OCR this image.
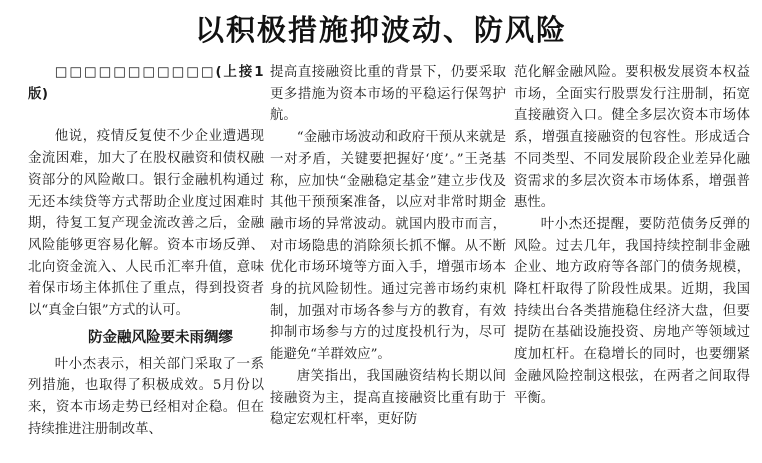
以积极措施抑波动、防风险

□□□□□□□□□□□(上接1版)

他说，疫情反复使不少企业遭遇现金流困难，加大了在股权融资和债权融资部分的风险敞口。银行金融机构通过无还本续贷等方式帮助企业度过困难时期，待复工复产现金流改善之后，金融风险能够更容易化解。资本市场反弹、北向资金流入、人民币汇率升值，意味着保市场主体抓住了重点，得到投资者以“真金白银”方式的认可。

防金融风险要未雨绸缪

叶小杰表示，相关部门采取了一系列措施，也取得了积极成效。5月份以来，资本市场走势已经相对企稳。但在持续推进注册制改革、

提高直接融资比重的背景下，仍要采取更多措施为资本市场的平稳运行保驾护航。

“金融市场波动和政府干预从来就是一对矛盾，关键要把握好‘度’。”王尧基称，应加快“金融稳定基金”建立步伐及其他干预预案准备，以应对非常时期金融市场的异常波动。就国内股市而言，对市场隐患的消除须长抓不懈。从不断优化市场环境等方面入手，增强市场本身的抗风险韧性。通过完善市场约束机制，加强对市场各参与方的教育，有效抑制市场参与方的过度投机行为，尽可能避免“羊群效应”。

唐笑指出，我国融资结构长期以间接融资为主，提高直接融资比重有助于稳定宏观杠杆率，更好防

范化解金融风险。要积极发展资本权益市场，全面实行股票发行注册制，拓宽直接融资入口。健全多层次资本市场体系，增强直接融资的包容性。形成适合不同类型、不同发展阶段企业差异化融资需求的多层次资本市场体系，增强普惠性。

叶小杰还提醒，要防范债务反弹的风险。过去几年，我国持续控制非金融企业、地方政府等各部门的债务规模，降杠杆取得了阶段性成果。近期，我国持续出台各类措施稳住经济大盘，但要提防在基础设施投资、房地产等领域过度加杠杆。在稳增长的同时，也要绷紧金融风险控制这根弦，在两者之间取得平衡。
